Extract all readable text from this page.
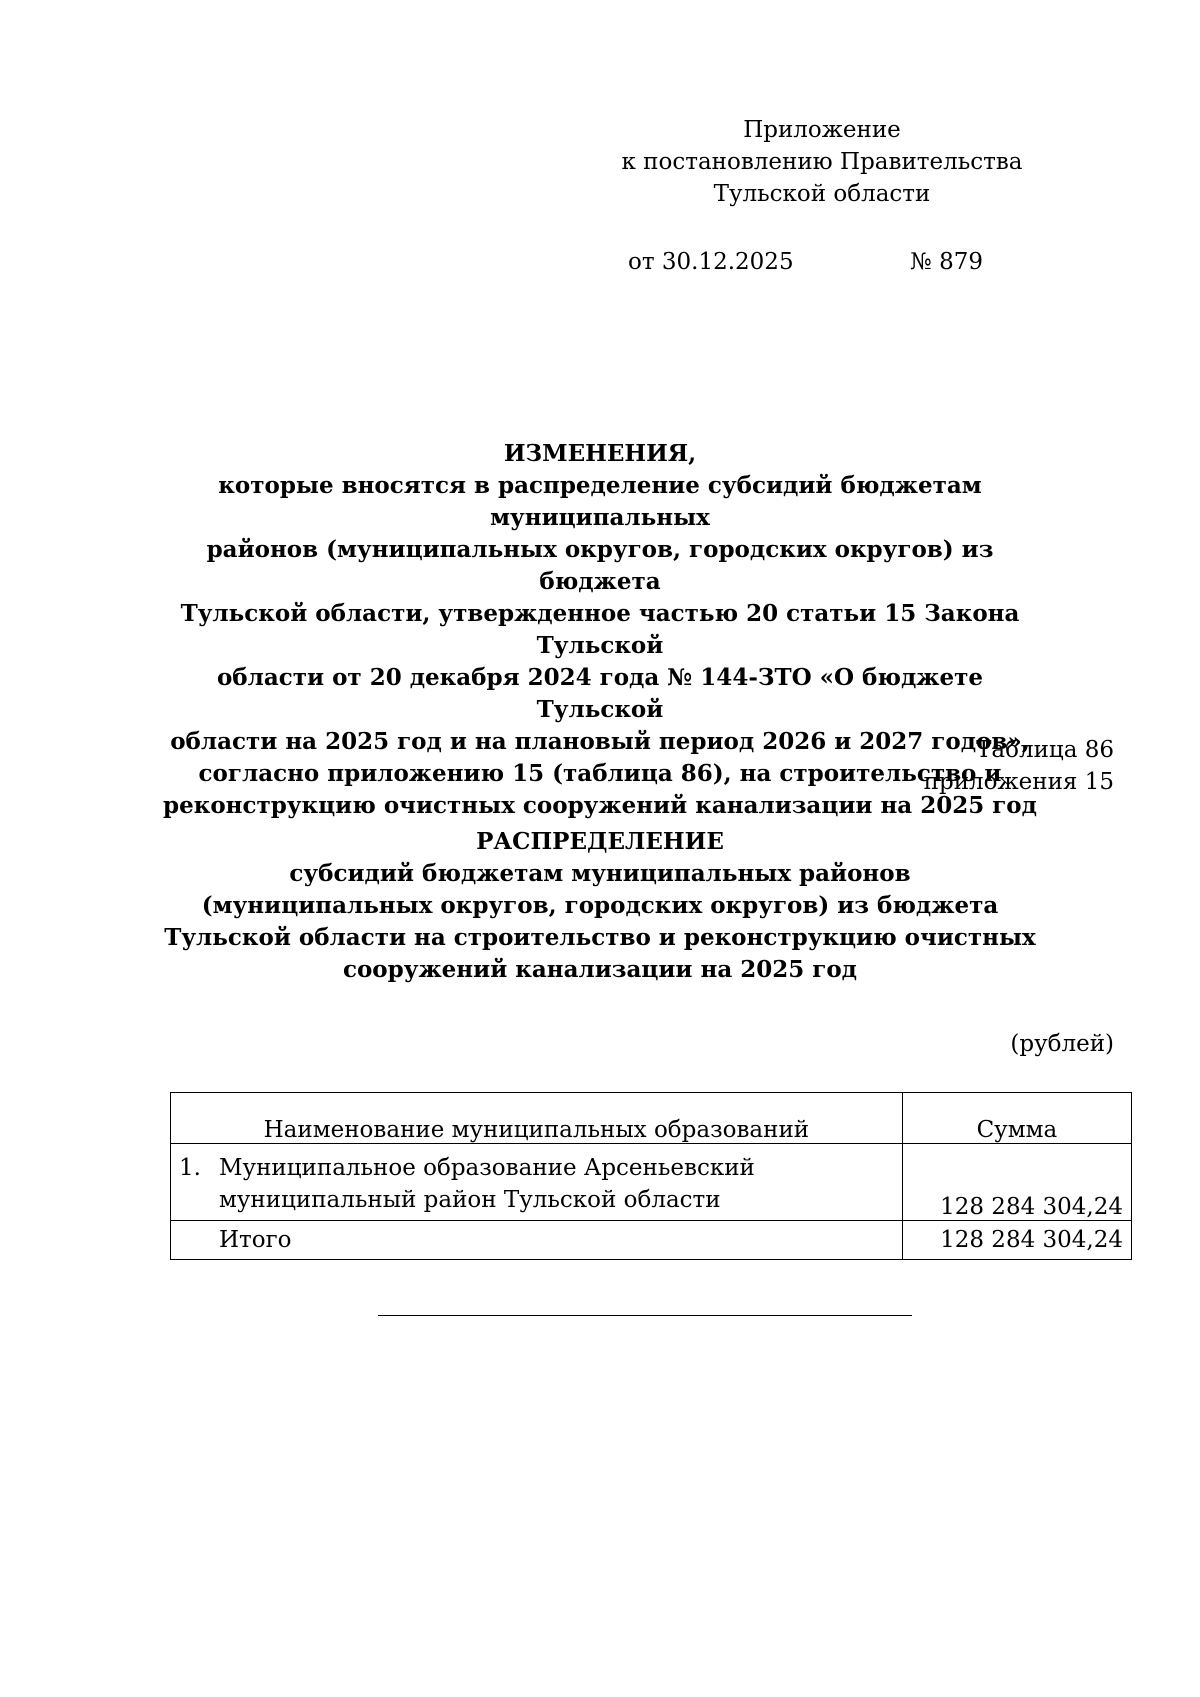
Приложение
к постановлению Правительства
Тульской области
от 30.12.2025	№ 879
ИЗМЕНЕНИЯ,
которые вносятся в распределение субсидий бюджетам муниципальных
районов (муниципальных округов, городских округов) из бюджета
Тульской области, утвержденное частью 20 статьи 15 Закона Тульской
области от 20 декабря 2024 года № 144-ЗТО «О бюджете Тульской
области на 2025 год и на плановый период 2026 и 2027 годов»,
согласно приложению 15 (таблица 86), на строительство и
реконструкцию очистных сооружений канализации на 2025 год
Таблица 86
приложения 15
РАСПРЕДЕЛЕНИЕ
субсидий бюджетам муниципальных районов
(муниципальных округов, городских округов) из бюджета
Тульской области на строительство и реконструкцию очистных
сооружений канализации на 2025 год
(рублей)
Наименование муниципальных образований	Сумма

1. Муниципальное образование Арсеньевский
муниципальный район Тульской области	128 284 304,24
Итого	128 284 304,24
